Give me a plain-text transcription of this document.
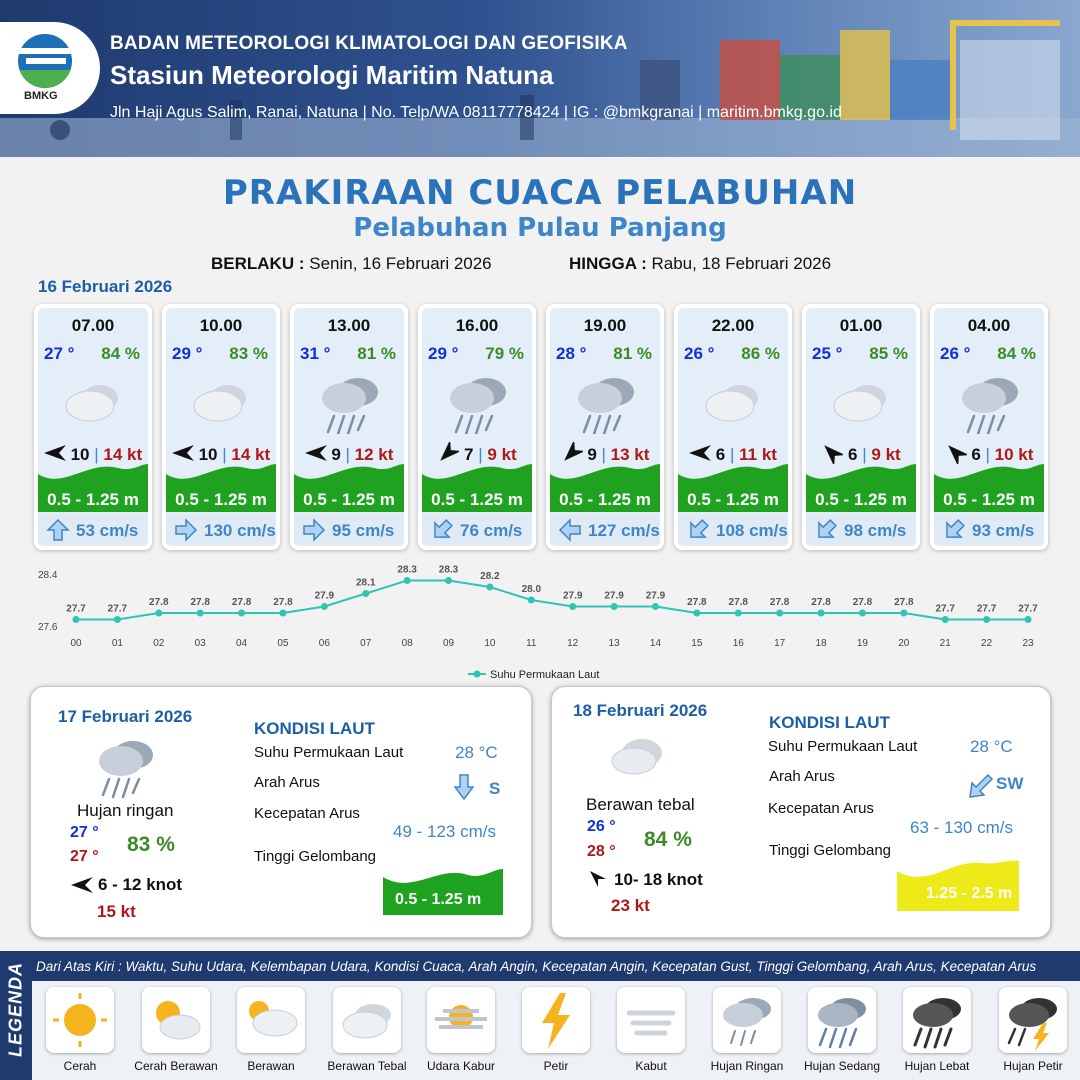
BMKG
BADAN METEOROLOGI KLIMATOLOGI DAN GEOFISIKA
Stasiun Meteorologi Maritim Natuna
Jln Haji Agus Salim, Ranai, Natuna | No. Telp/WA 08117778424 | IG : @bmkgranai | maritim.bmkg.go.id
PRAKIRAAN CUACA PELABUHAN
Pelabuhan Pulau Panjang
BERLAKU : Senin, 16 Februari 2026	HINGGA : Rabu, 18 Februari 2026
16 Februari 2026
07.00
27 ° 84 %
10 | 14 kt
0.5 - 1.25 m
53 cm/s
10.00
29 ° 83 %
10 | 14 kt
0.5 - 1.25 m
130 cm/s
13.00
31 ° 81 %
9 | 12 kt
0.5 - 1.25 m
95 cm/s
16.00
29 ° 79 %
7 | 9 kt
0.5 - 1.25 m
76 cm/s
19.00
28 ° 81 %
9 | 13 kt
0.5 - 1.25 m
127 cm/s
22.00
26 ° 86 %
6 | 11 kt
0.5 - 1.25 m
108 cm/s
01.00
25 ° 85 %
6 | 9 kt
0.5 - 1.25 m
98 cm/s
04.00
26 ° 84 %
6 | 10 kt
0.5 - 1.25 m
93 cm/s
28.4
27.6
27.7
00
27.7
01
27.8
02
27.8
03
27.8
04
27.8
05
27.9
06
28.1
07
28.3
08
28.3
09
28.2
10
28.0
11
27.9
12
27.9
13
27.9
14
27.8
15
27.8
16
27.8
17
27.8
18
27.8
19
27.8
20
27.7
21
27.7
22
27.7
23
Suhu Permukaan Laut
17 Februari 2026
Hujan ringan
27 °
27 °
83 %
6 - 12 knot
15 kt
KONDISI LAUT
Suhu Permukaan Laut	28 °C
Arah Arus	S
Kecepatan Arus
49 - 123 cm/s
Tinggi Gelombang
0.5 - 1.25 m
18 Februari 2026
Berawan tebal
26 °
28 °
84 %
10- 18 knot
23 kt
KONDISI LAUT
Suhu Permukaan Laut	28 °C
Arah Arus	SW
Kecepatan Arus
63 - 130 cm/s
Tinggi Gelombang
1.25 - 2.5 m
LEGENDA Dari Atas Kiri : Waktu, Suhu Udara, Kelembapan Udara, Kondisi Cuaca, Arah Angin, Kecepatan Angin, Kecepatan Gust, Tinggi Gelombang, Arah Arus, Kecepatan Arus
Cerah	Cerah Berawan	Berawan	Berawan Tebal	Udara Kabur	Petir	Kabut	Hujan Ringan	Hujan Sedang	Hujan Lebat	Hujan Petir
